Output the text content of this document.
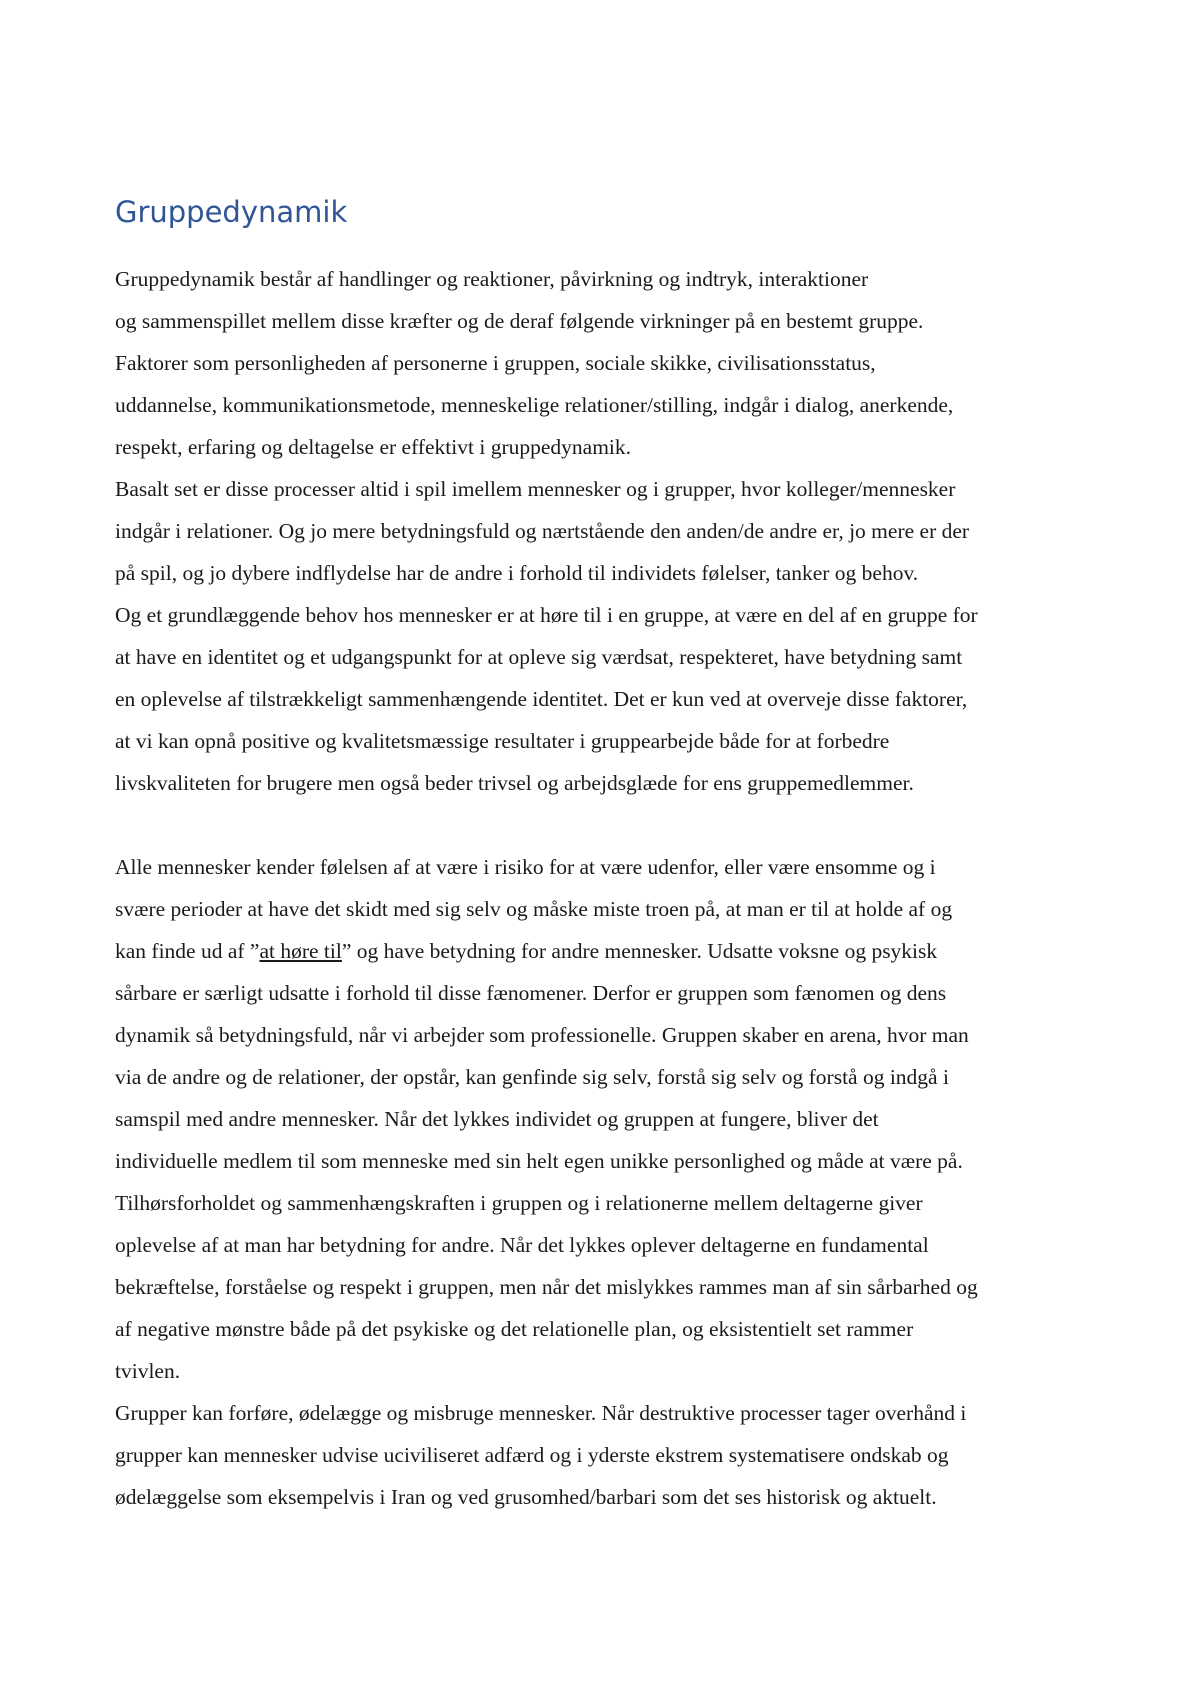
Gruppedynamik

Gruppedynamik består af handlinger og reaktioner, påvirkning og indtryk, interaktioner

og sammenspillet mellem disse kræfter og de deraf følgende virkninger på en bestemt gruppe.

Faktorer som personligheden af personerne i gruppen, sociale skikke, civilisationsstatus,

uddannelse, kommunikationsmetode, menneskelige relationer/stilling, indgår i dialog, anerkende,

respekt, erfaring og deltagelse er effektivt i gruppedynamik.

Basalt set er disse processer altid i spil imellem mennesker og i grupper, hvor kolleger/mennesker

indgår i relationer. Og jo mere betydningsfuld og nærtstående den anden/de andre er, jo mere er der

på spil, og jo dybere indflydelse har de andre i forhold til individets følelser, tanker og behov.

Og et grundlæggende behov hos mennesker er at høre til i en gruppe, at være en del af en gruppe for

at have en identitet og et udgangspunkt for at opleve sig værdsat, respekteret, have betydning samt

en oplevelse af tilstrækkeligt sammenhængende identitet. Det er kun ved at overveje disse faktorer,

at vi kan opnå positive og kvalitetsmæssige resultater i gruppearbejde både for at forbedre

livskvaliteten for brugere men også beder trivsel og arbejdsglæde for ens gruppemedlemmer.

Alle mennesker kender følelsen af at være i risiko for at være udenfor, eller være ensomme og i

svære perioder at have det skidt med sig selv og måske miste troen på, at man er til at holde af og

kan finde ud af ”at høre til” og have betydning for andre mennesker. Udsatte voksne og psykisk

sårbare er særligt udsatte i forhold til disse fænomener. Derfor er gruppen som fænomen og dens

dynamik så betydningsfuld, når vi arbejder som professionelle. Gruppen skaber en arena, hvor man

via de andre og de relationer, der opstår, kan genfinde sig selv, forstå sig selv og forstå og indgå i

samspil med andre mennesker. Når det lykkes individet og gruppen at fungere, bliver det

individuelle medlem til som menneske med sin helt egen unikke personlighed og måde at være på.

Tilhørsforholdet og sammenhængskraften i gruppen og i relationerne mellem deltagerne giver

oplevelse af at man har betydning for andre. Når det lykkes oplever deltagerne en fundamental

bekræftelse, forståelse og respekt i gruppen, men når det mislykkes rammes man af sin sårbarhed og

af negative mønstre både på det psykiske og det relationelle plan, og eksistentielt set rammer

tvivlen.

Grupper kan forføre, ødelægge og misbruge mennesker. Når destruktive processer tager overhånd i

grupper kan mennesker udvise uciviliseret adfærd og i yderste ekstrem systematisere ondskab og

ødelæggelse som eksempelvis i Iran og ved grusomhed/barbari som det ses historisk og aktuelt.
